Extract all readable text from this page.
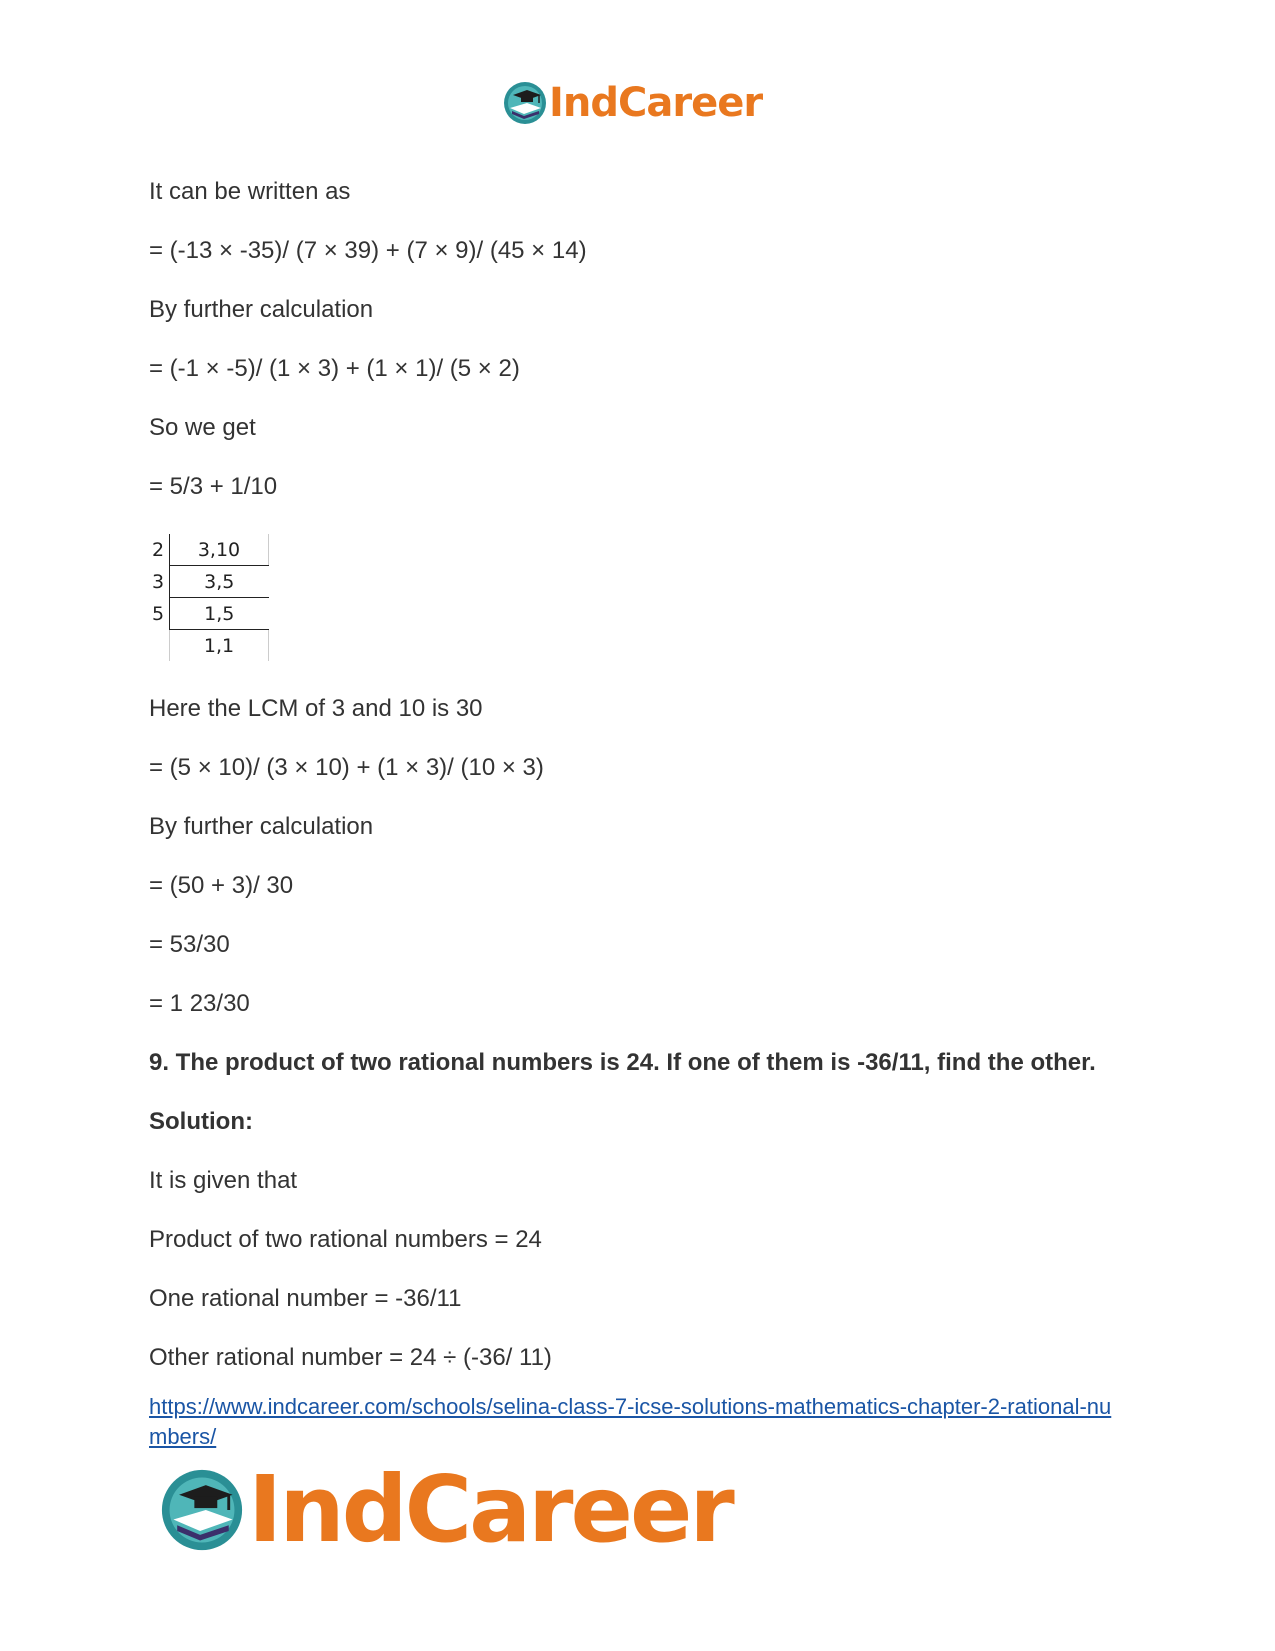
IndCareer
It can be written as
= (-13 × -35)/ (7 × 39) + (7 × 9)/ (45 × 14)
By further calculation
= (-1 × -5)/ (1 × 3) + (1 × 1)/ (5 × 2)
So we get
= 5/3 + 1/10
2	3,10
3	3,5
5	1,5
	1,1
Here the LCM of 3 and 10 is 30
= (5 × 10)/ (3 × 10) + (1 × 3)/ (10 × 3)
By further calculation
= (50 + 3)/ 30
= 53/30
= 1 23/30
9. The product of two rational numbers is 24. If one of them is -36/11, find the other.
Solution:
It is given that
Product of two rational numbers = 24
One rational number = -36/11
Other rational number = 24 ÷ (-36/ 11)
https://www.indcareer.com/schools/selina-class-7-icse-solutions-mathematics-chapter-2-rational-numbers/
IndCareer
